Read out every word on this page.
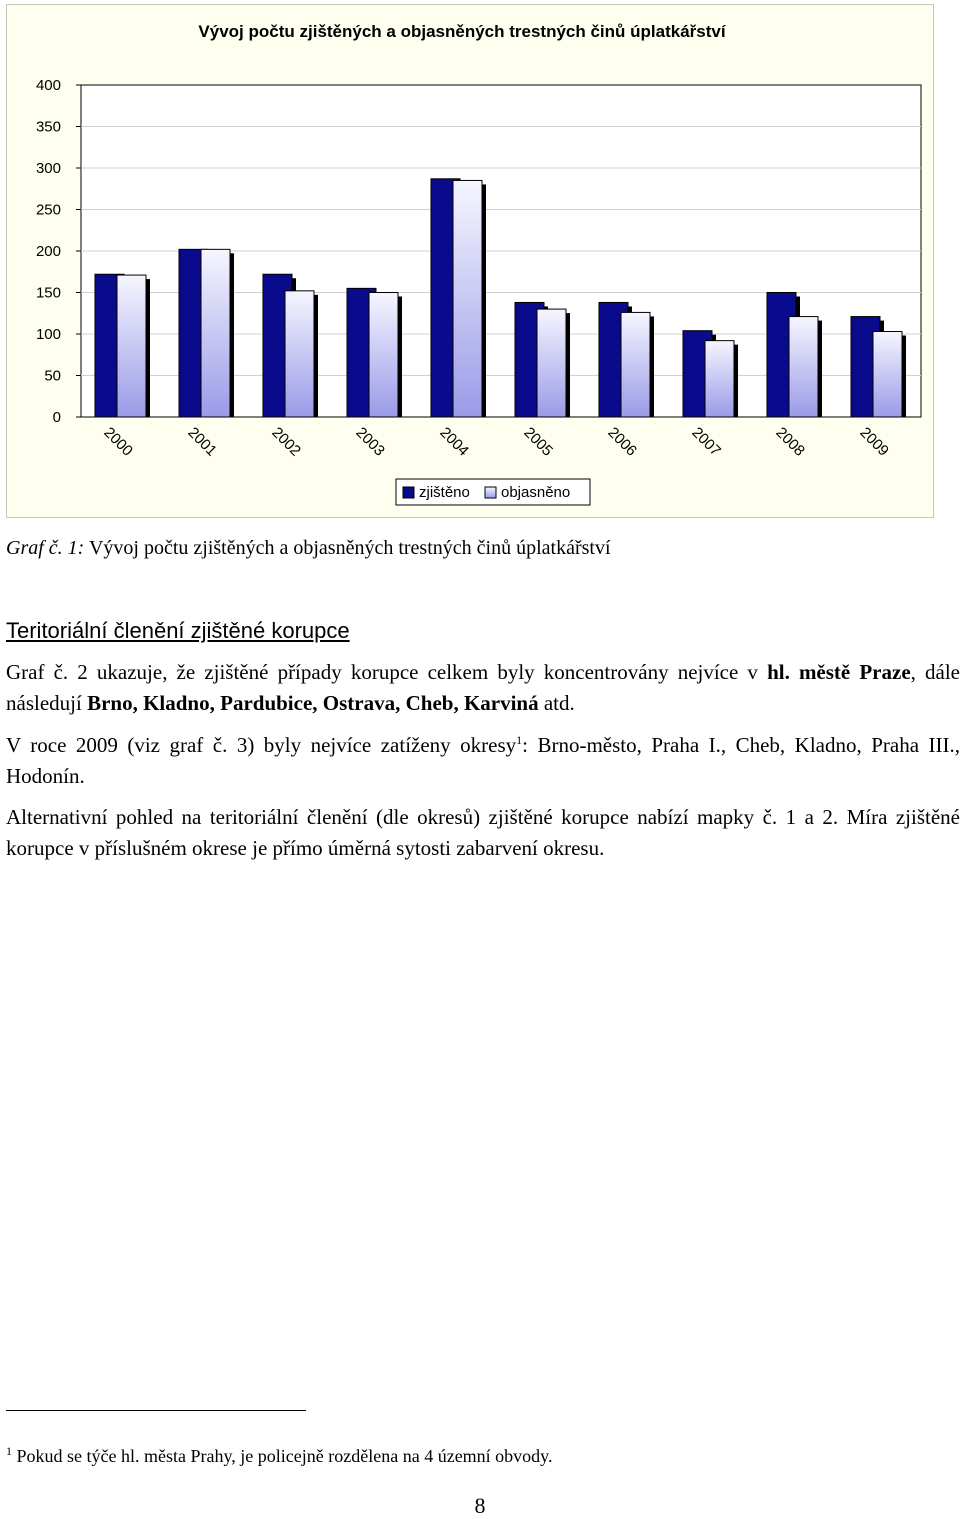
Vývoj počtu zjištěných a objasněných trestných činů úplatkářství
0
50
100
150
200
250
300
350
400
2000	2001	2002	2003	2004	2005	2006	2007	2008	2009
zjištěno objasněno
Graf č. 1: Vývoj počtu zjištěných a objasněných trestných činů úplatkářství
Teritoriální členění zjištěné korupce
Graf č. 2 ukazuje, že zjištěné případy korupce celkem byly koncentrovány nejvíce v hl. městě Praze, dále následují Brno, Kladno, Pardubice, Ostrava, Cheb, Karviná atd.
V roce 2009 (viz graf č. 3) byly nejvíce zatíženy okresy$^1$: Brno-město, Praha I., Cheb, Kladno, Praha III., Hodonín.
Alternativní pohled na teritoriální členění (dle okresů) zjištěné korupce nabízí mapky č. 1 a 2. Míra zjištěné korupce v příslušném okrese je přímo úměrná sytosti zabarvení okresu.
$^1$ Pokud se týče hl. města Prahy, je policejně rozdělena na 4 územní obvody.
8
